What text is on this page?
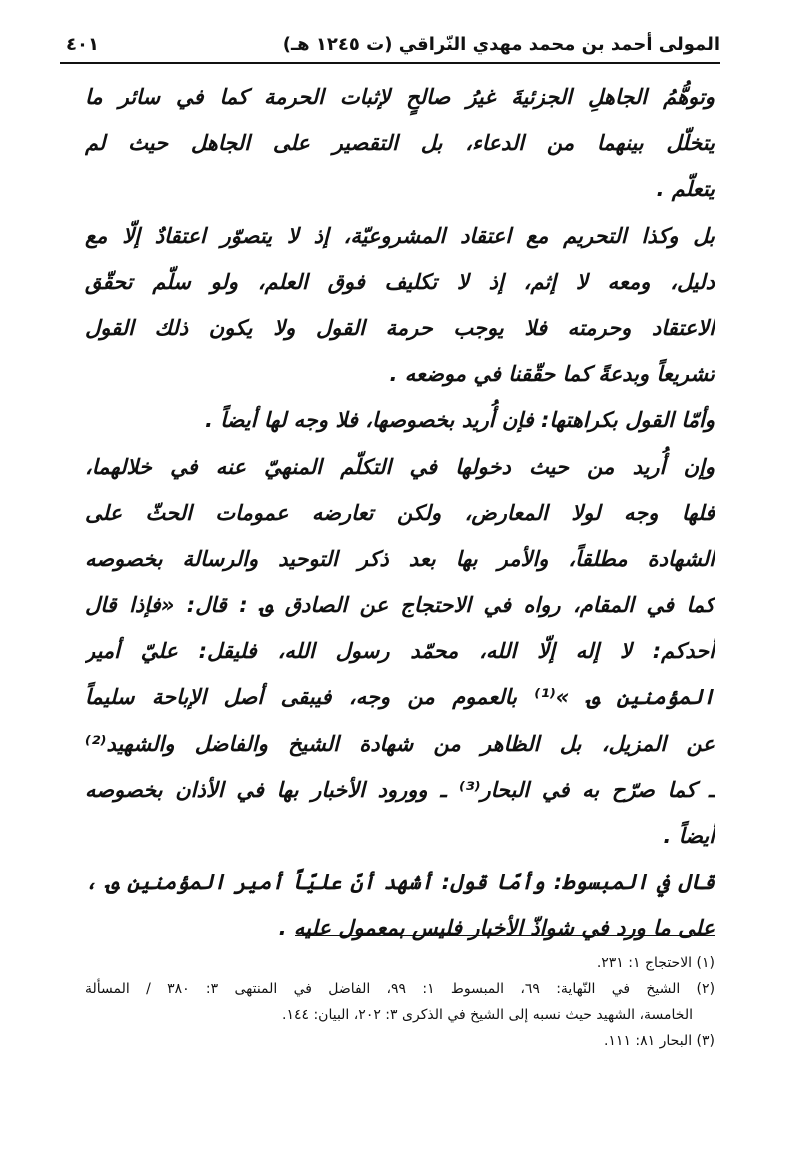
المولى أحمد بن محمد مهدي النّراقي (ت ١٢٤٥ هـ)
٤٠١
وتوهُّمُ الجاهلِ الجزئيةَ غيرُ صالحٍ لإثبات الحرمة كما في سائر ما
يتخلّل بينهما من الدعاء، بل التقصير على الجاهل حيث لم
يتعلّم .
بل وكذا التحريم مع اعتقاد المشروعيّة، إذ لا يتصوّر اعتقادٌ إلّا مع
دليل، ومعه لا إثم، إذ لا تكليف فوق العلم، ولو سلّم تحقّق
الاعتقاد وحرمته فلا يوجب حرمة القول ولا يكون ذلك القول
تشريعاً وبدعةً كما حقّقنا في موضعه .
وأمّا القول بكراهتها: فإن أُريد بخصوصها، فلا وجه لها أيضاً .
وإن أُريد من حيث دخولها في التكلّم المنهيّ عنه في خلالهما،
فلها وجه لولا المعارض، ولكن تعارضه عمومات الحثّ على
الشهادة مطلقاً، والأمر بها بعد ذكر التوحيد والرسالة بخصوصه
كما في المقام، رواه في الاحتجاج عن الصادق ؈ : قال: «فإذا قال
أحدكم: لا إله إلّا الله، محمّد رسول الله، فليقل: عليّ أمير
المؤمنين ؈ »⁽¹⁾ بالعموم من وجه، فيبقى أصل الإباحة سليماً
عن المزيل، بل الظاهر من شهادة الشيخ والفاضل والشهيد⁽²⁾
ـ كما صرّح به في البحار⁽³⁾ ـ وورود الأخبار بها في الأذان بخصوصه
أيضاً .
قال في المبسوط: وأمّا قول: أشهد أنّ عليّاً أمير المؤمنين ؈ ،
على ما ورد في شواذّ الأخبار فليس بمعمول عليه .
(١) الاحتجاج ١: ٢٣١.
(٢) الشيخ في النّهاية: ٦٩، المبسوط ١: ٩٩، الفاضل في المنتهى ٣: ٣٨٠ / المسألة
الخامسة، الشهيد حيث نسبه إلى الشيخ في الذكرى ٣: ٢٠٢، البيان: ١٤٤.
(٣) البحار ٨١: ١١١.
